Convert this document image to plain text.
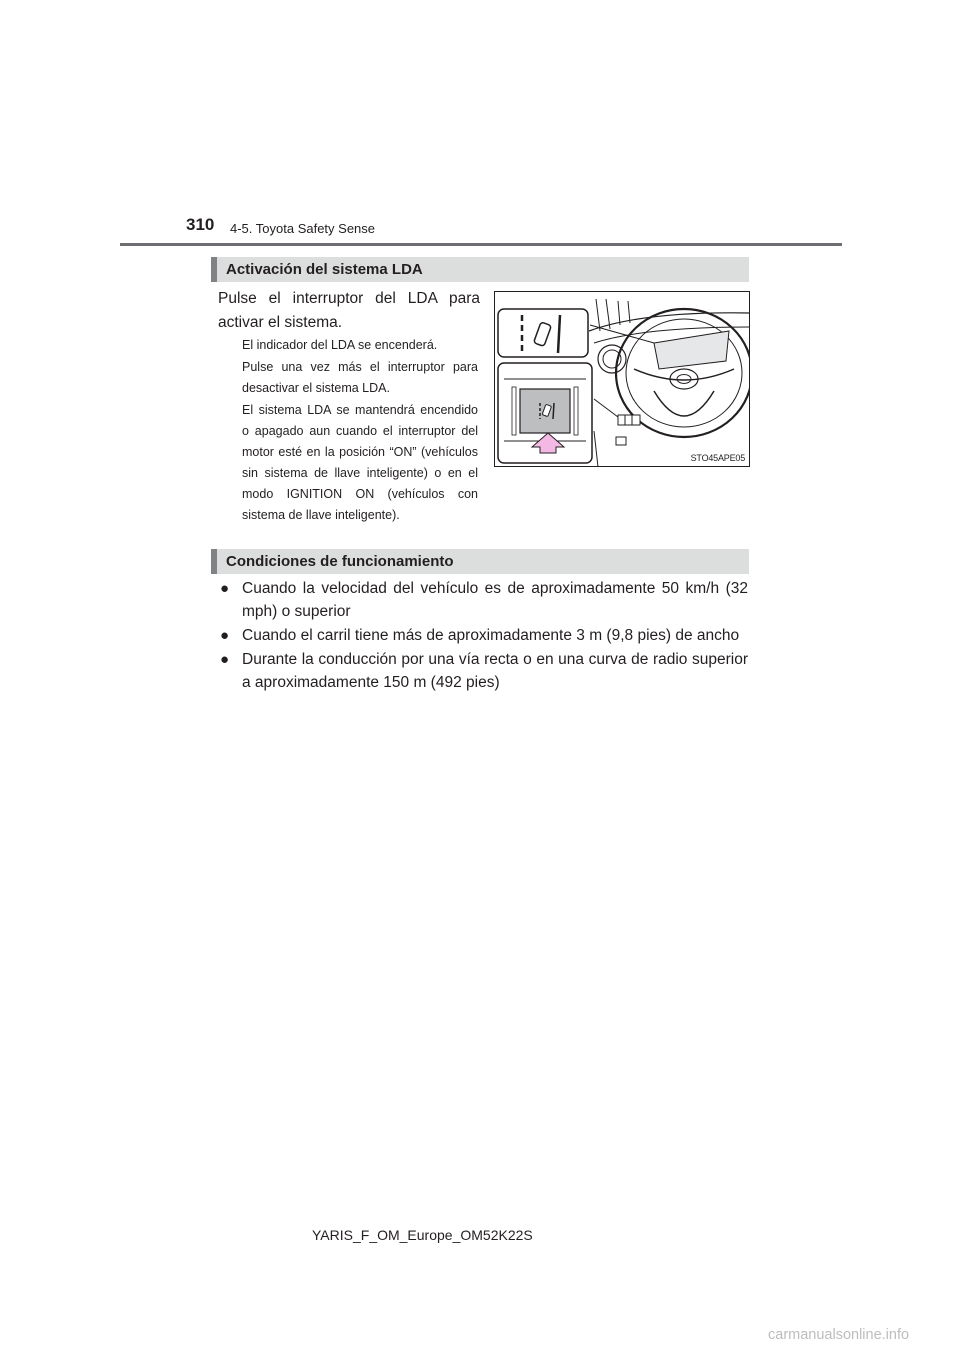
310 4-5. Toyota Safety Sense
Activación del sistema LDA

Pulse el interruptor del LDA para activar el sistema.

El indicador del LDA se encenderá.

Pulse una vez más el interruptor para desactivar el sistema LDA.

El sistema LDA se mantendrá encendido o apagado aun cuando el interruptor del motor esté en la posición “ON” (vehículos sin sistema de llave inteligente) o en el modo IGNITION ON (vehículos con sistema de llave inteligente).

STO45APE05
Condiciones de funcionamiento
● Cuando la velocidad del vehículo es de aproximadamente 50 km/h (32 mph) o superior
● Cuando el carril tiene más de aproximadamente 3 m (9,8 pies) de ancho
● Durante la conducción por una vía recta o en una curva de radio superior a aproximadamente 150 m (492 pies)
YARIS_F_OM_Europe_OM52K22S
carmanualsonline.info
